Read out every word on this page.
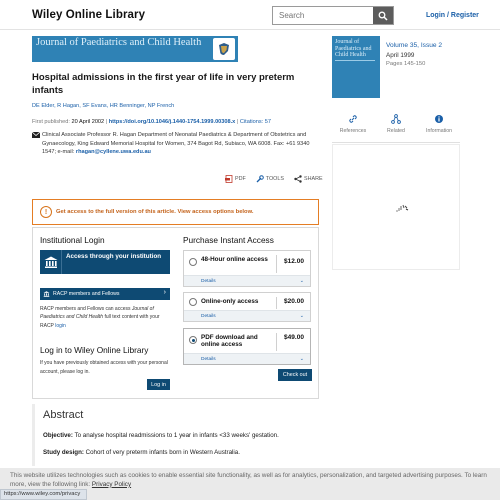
Wiley Online Library
Search	Login / Register
Journal of Paediatrics and Child Health
Hospital admissions in the first year of life in very preterm infants
DE Elder, R Hagan, SF Evans, HR Benninger, NP French
First published: 20 April 2002 | https://doi.org/10.1046/j.1440-1754.1999.00308.x | Citations: 57
Clinical Associate Professor R. Hagan Department of Neonatal Paediatrics & Department of Obstetrics and Gynaecology, King Edward Memorial Hospital for Women, 374 Bagot Rd, Subiaco, WA 6008. Fax: +61 9340 1547; e-mail: rhagan@cyllene.uwa.edu.au
PDF	TOOLS	SHARE
!	Get access to the full version of this article. View access options below.
Institutional Login
Access through your institution
RACP members and Fellows	›
RACP members and Fellows can access Journal of Paediatrics and Child Health full text content with your RACP login
Log in to Wiley Online Library
If you have previously obtained access with your personal account, please log in.
Log in
Purchase Instant Access
48-Hour online access	$12.00
Details	⌄
Online-only access	$20.00
Details	⌄
PDF download and online access
$49.00
Details	⌄
Check out
Journal of Paediatrics and Child Health
Volume 35, Issue 2
April 1999
Pages 145-150
References	Related	Information
Abstract
Objective: To analyse hospital readmissions to 1 year in infants <33 weeks' gestation.
Study design: Cohort of very preterm infants born in Western Australia.
This website utilizes technologies such as cookies to enable essential site functionality, as well as for analytics, personalization, and targeted advertising purposes. To learn more, view the following link: Privacy Policy
https://www.wiley.com/privacy
